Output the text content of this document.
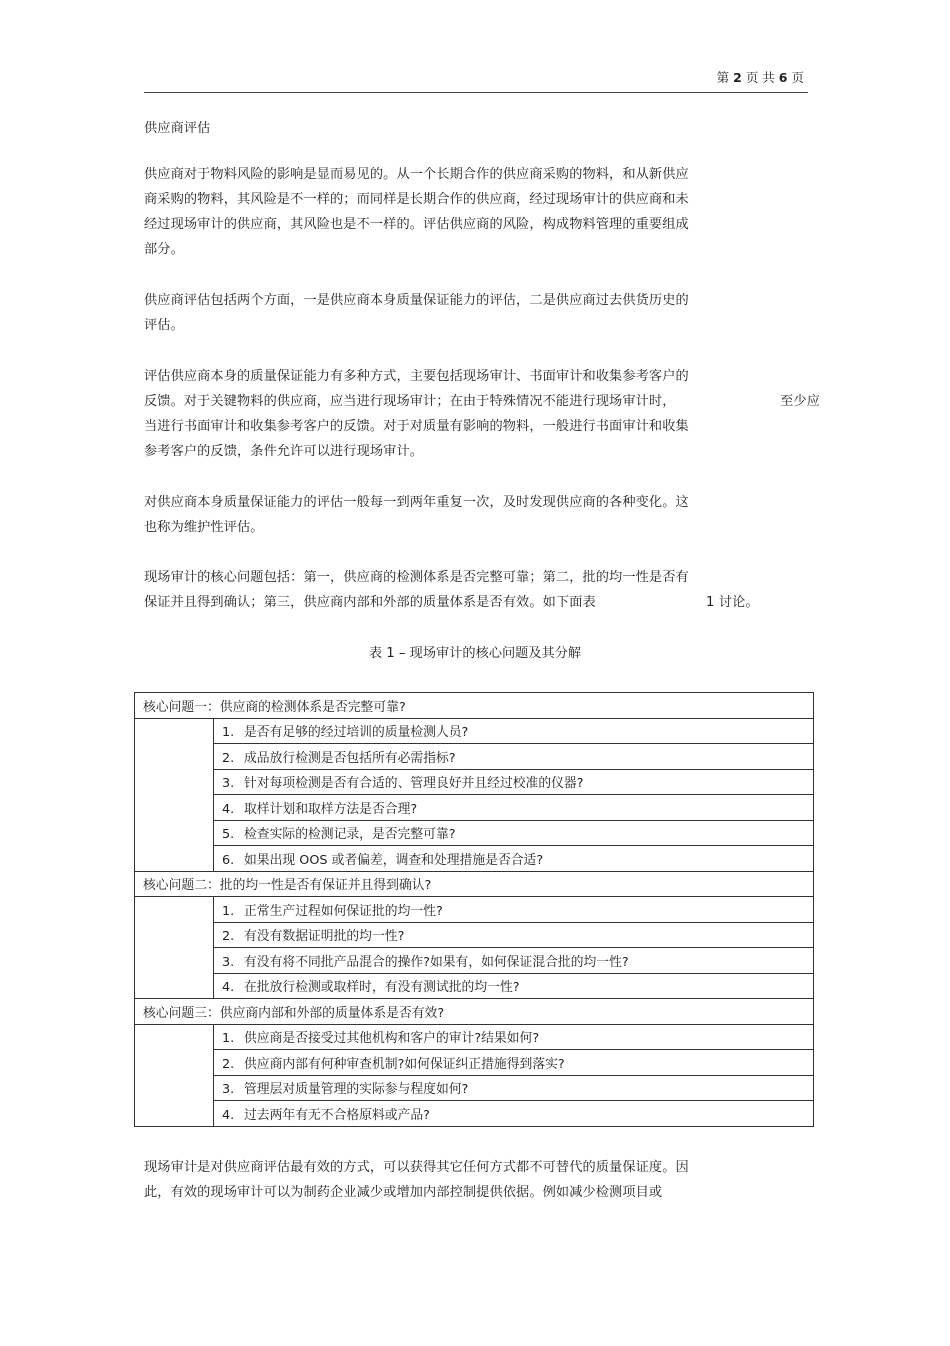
第 2 页 共 6 页
供应商评估
供应商对于物料风险的影响是显而易见的。从一个长期合作的供应商采购的物料，和从新供应
商采购的物料，其风险是不一样的；而同样是长期合作的供应商，经过现场审计的供应商和未
经过现场审计的供应商，其风险也是不一样的。评估供应商的风险，构成物料管理的重要组成
部分。
供应商评估包括两个方面，一是供应商本身质量保证能力的评估，二是供应商过去供货历史的
评估。
评估供应商本身的质量保证能力有多种方式，主要包括现场审计、书面审计和收集参考客户的
反馈。对于关键物料的供应商，应当进行现场审计；在由于特殊情况不能进行现场审计时，	至少应
当进行书面审计和收集参考客户的反馈。对于对质量有影响的物料，一般进行书面审计和收集
参考客户的反馈，条件允许可以进行现场审计。
对供应商本身质量保证能力的评估一般每一到两年重复一次，及时发现供应商的各种变化。这
也称为维护性评估。
现场审计的核心问题包括：第一，供应商的检测体系是否完整可靠；第二，批的均一性是否有
保证并且得到确认；第三，供应商内部和外部的质量体系是否有效。如下面表	1 讨论。
表 1 – 现场审计的核心问题及其分解
核心问题一：供应商的检测体系是否完整可靠?	
	1. 是否有足够的经过培训的质量检测人员?
	2. 成品放行检测是否包括所有必需指标?
	3. 针对每项检测是否有合适的、管理良好并且经过校准的仪器?
	4. 取样计划和取样方法是否合理?
	5. 检查实际的检测记录，是否完整可靠?
	6. 如果出现 OOS 或者偏差，调查和处理措施是否合适?
核心问题二：批的均一性是否有保证并且得到确认?	
	1. 正常生产过程如何保证批的均一性?
	2. 有没有数据证明批的均一性?
	3. 有没有将不同批产品混合的操作?如果有，如何保证混合批的均一性?
	4. 在批放行检测或取样时，有没有测试批的均一性?
核心问题三：供应商内部和外部的质量体系是否有效?	
	1. 供应商是否接受过其他机构和客户的审计?结果如何?
	2. 供应商内部有何种审查机制?如何保证纠正措施得到落实?
	3. 管理层对质量管理的实际参与程度如何?
	4. 过去两年有无不合格原料或产品?
现场审计是对供应商评估最有效的方式，可以获得其它任何方式都不可替代的质量保证度。因
此，有效的现场审计可以为制药企业减少或增加内部控制提供依据。例如减少检测项目或
